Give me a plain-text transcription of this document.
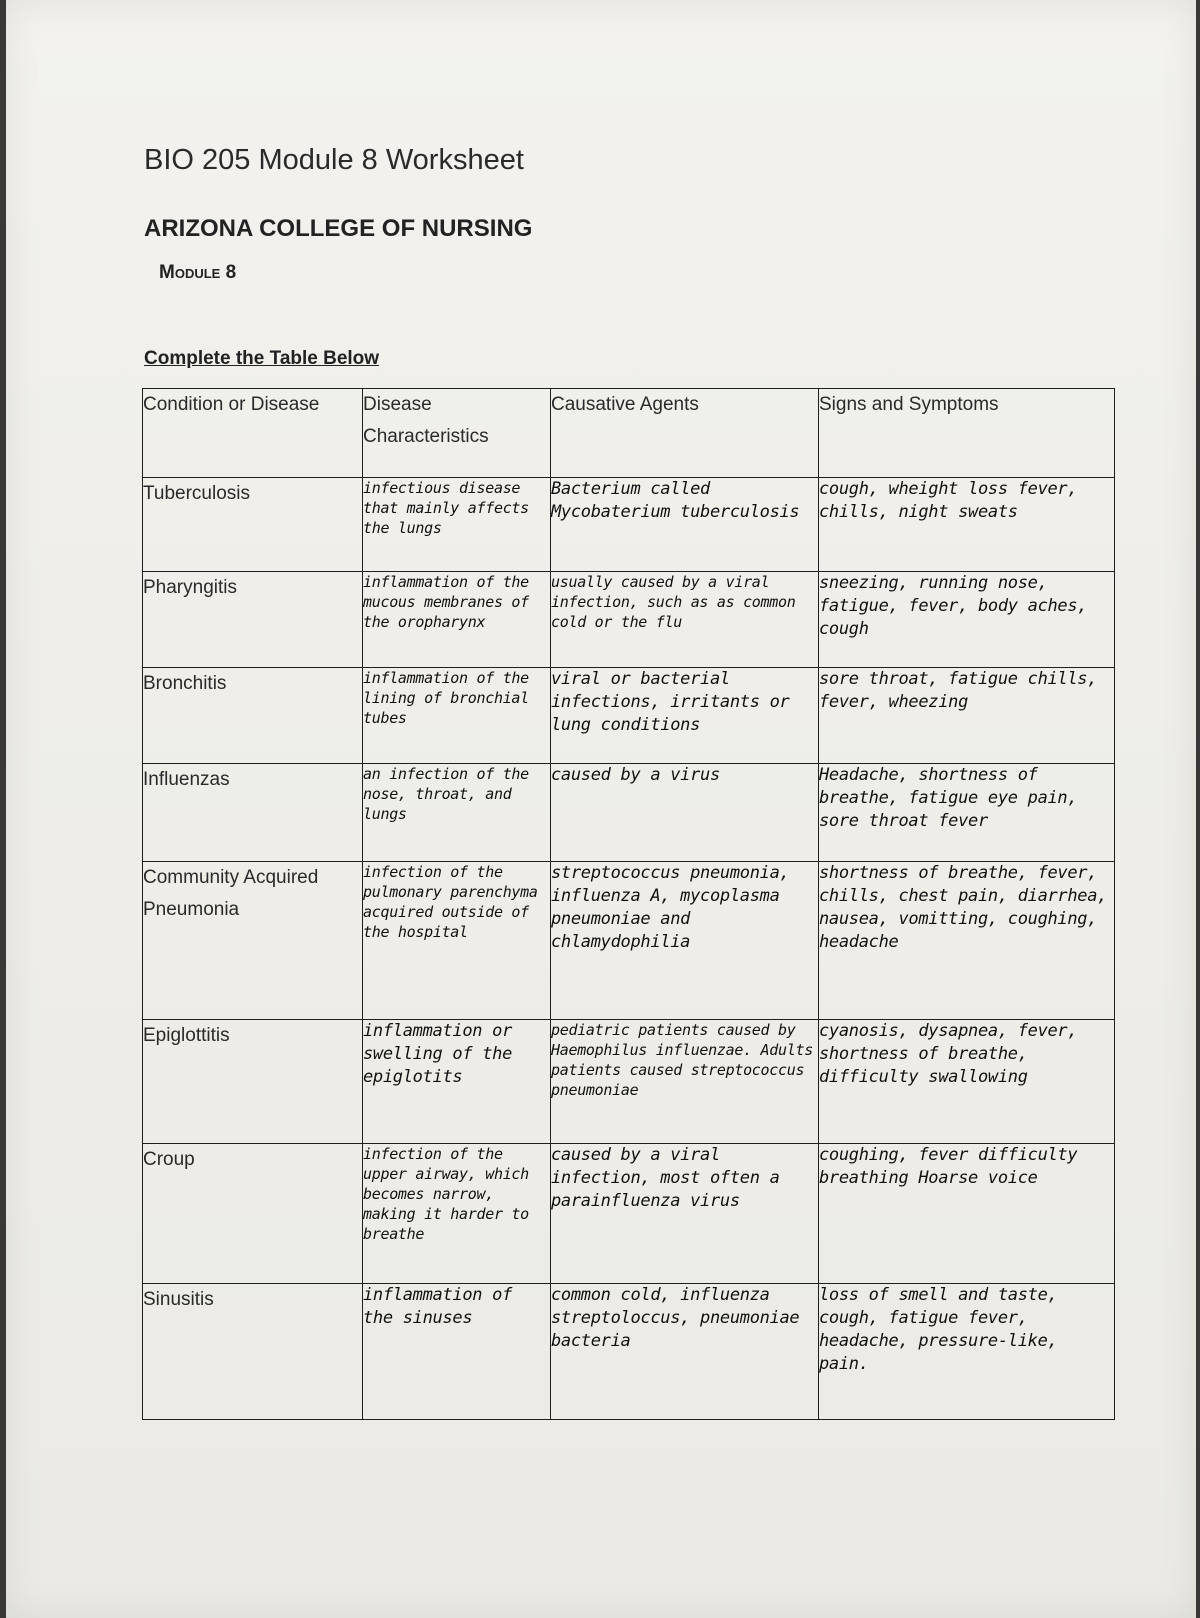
BIO 205 Module 8 Worksheet
ARIZONA COLLEGE OF NURSING
Module 8
Complete the Table Below
Condition or Disease	Disease Characteristics	Causative Agents	Signs and Symptoms
Tuberculosis	infectious disease that mainly affects the lungs	Bacterium called Mycobaterium tuberculosis	cough, wheight loss fever, chills, night sweats
Pharyngitis	inflammation of the mucous membranes of the oropharynx	usually caused by a viral infection, such as as common cold or the flu	sneezing, running nose, fatigue, fever, body aches, cough
Bronchitis	inflammation of the lining of bronchial tubes	viral or bacterial infections, irritants or lung conditions	sore throat, fatigue chills, fever, wheezing
Influenzas	an infection of the nose, throat, and lungs	caused by a virus	Headache, shortness of breathe, fatigue eye pain, sore throat fever
Community Acquired Pneumonia	infection of the pulmonary parenchyma acquired outside of the hospital	streptococcus pneumonia, influenza A, mycoplasma pneumoniae and chlamydophilia	shortness of breathe, fever, chills, chest pain, diarrhea, nausea, vomitting, coughing, headache
Epiglottitis	inflammation or swelling of the epiglotits	pediatric patients caused by Haemophilus influenzae. Adults patients caused streptococcus pneumoniae	cyanosis, dysapnea, fever, shortness of breathe, difficulty swallowing
Croup	infection of the upper airway, which becomes narrow, making it harder to breathe	caused by a viral infection, most often a parainfluenza virus	coughing, fever difficulty breathing Hoarse voice
Sinusitis	inflammation of the sinuses	common cold, influenza streptoloccus, pneumoniae bacteria	loss of smell and taste, cough, fatigue fever, headache, pressure-like, pain.
